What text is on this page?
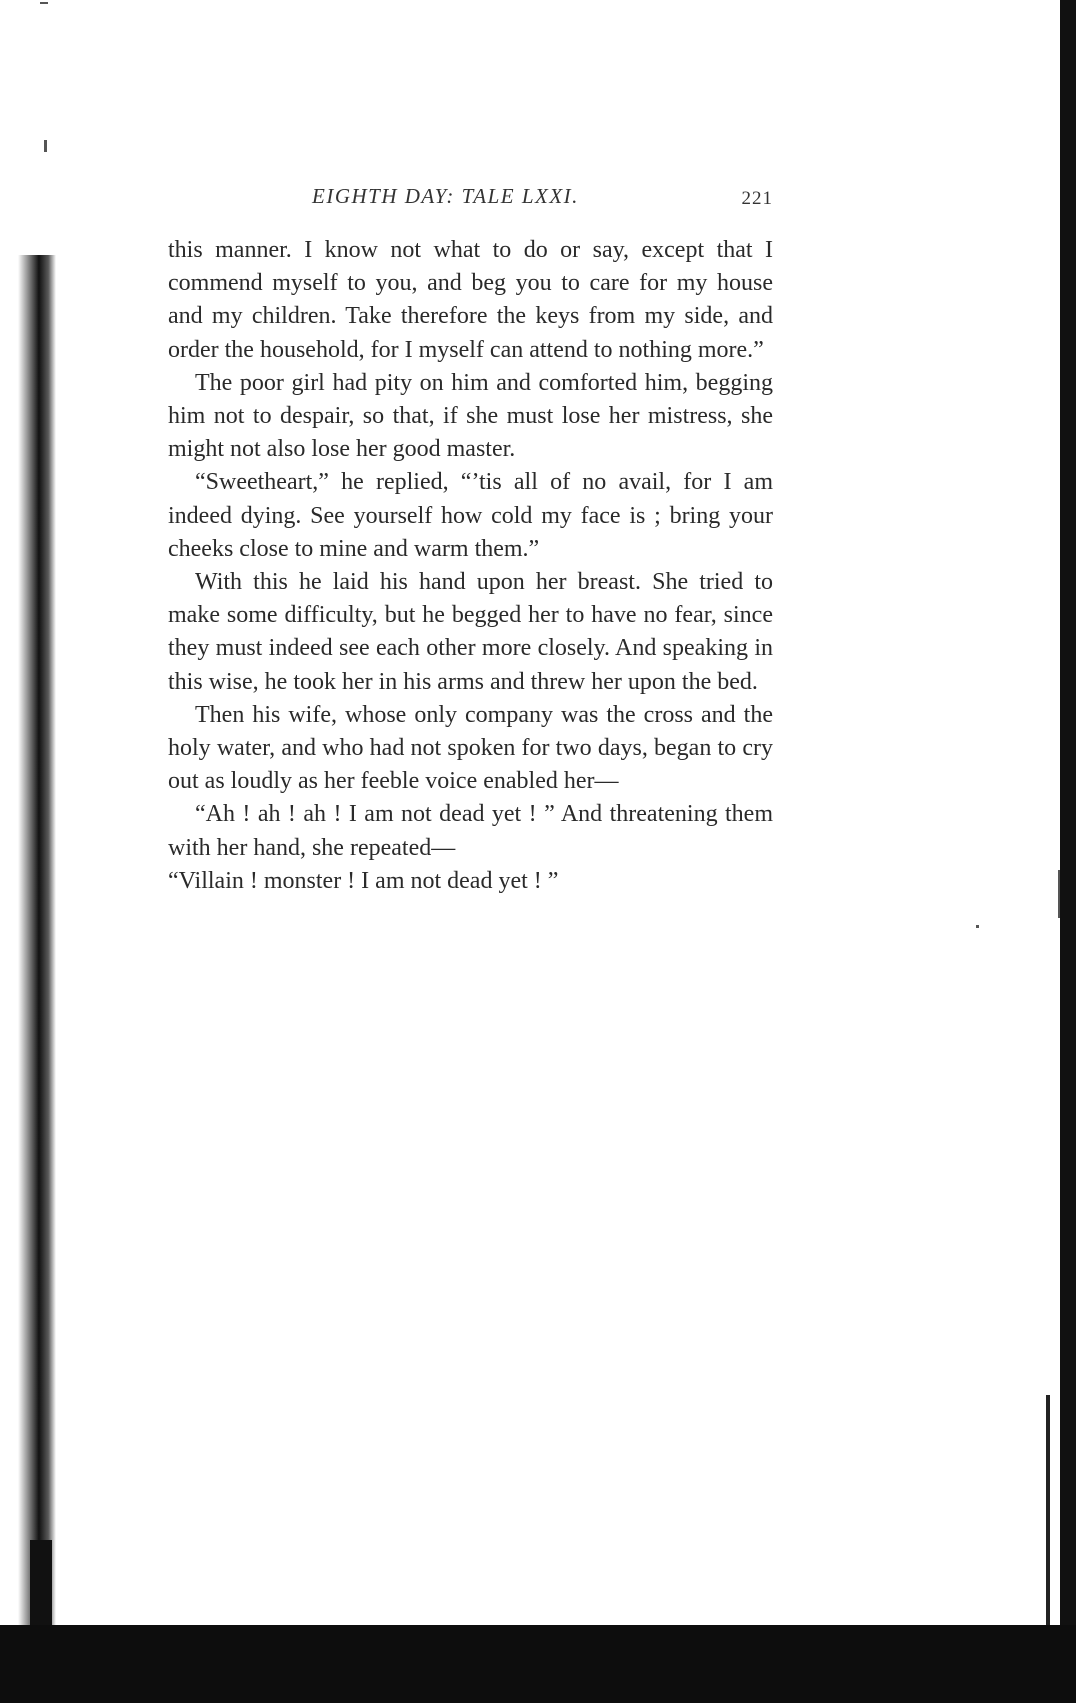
EIGHTH DAY: TALE LXXI.	221

this manner. I know not what to do or say, except that I commend myself to you, and beg you to care for my house and my children. Take therefore the keys from my side, and order the household, for I myself can attend to nothing more.”

The poor girl had pity on him and comforted him, begging him not to despair, so that, if she must lose her mistress, she might not also lose her good master.

“Sweetheart,” he replied, “’tis all of no avail, for I am indeed dying. See yourself how cold my face is ; bring your cheeks close to mine and warm them.”

With this he laid his hand upon her breast. She tried to make some difficulty, but he begged her to have no fear, since they must indeed see each other more closely. And speaking in this wise, he took her in his arms and threw her upon the bed.

Then his wife, whose only company was the cross and the holy water, and who had not spoken for two days, began to cry out as loudly as her feeble voice enabled her—

“Ah ! ah ! ah ! I am not dead yet ! ” And threatening them with her hand, she repeated—

“Villain ! monster ! I am not dead yet ! ”
